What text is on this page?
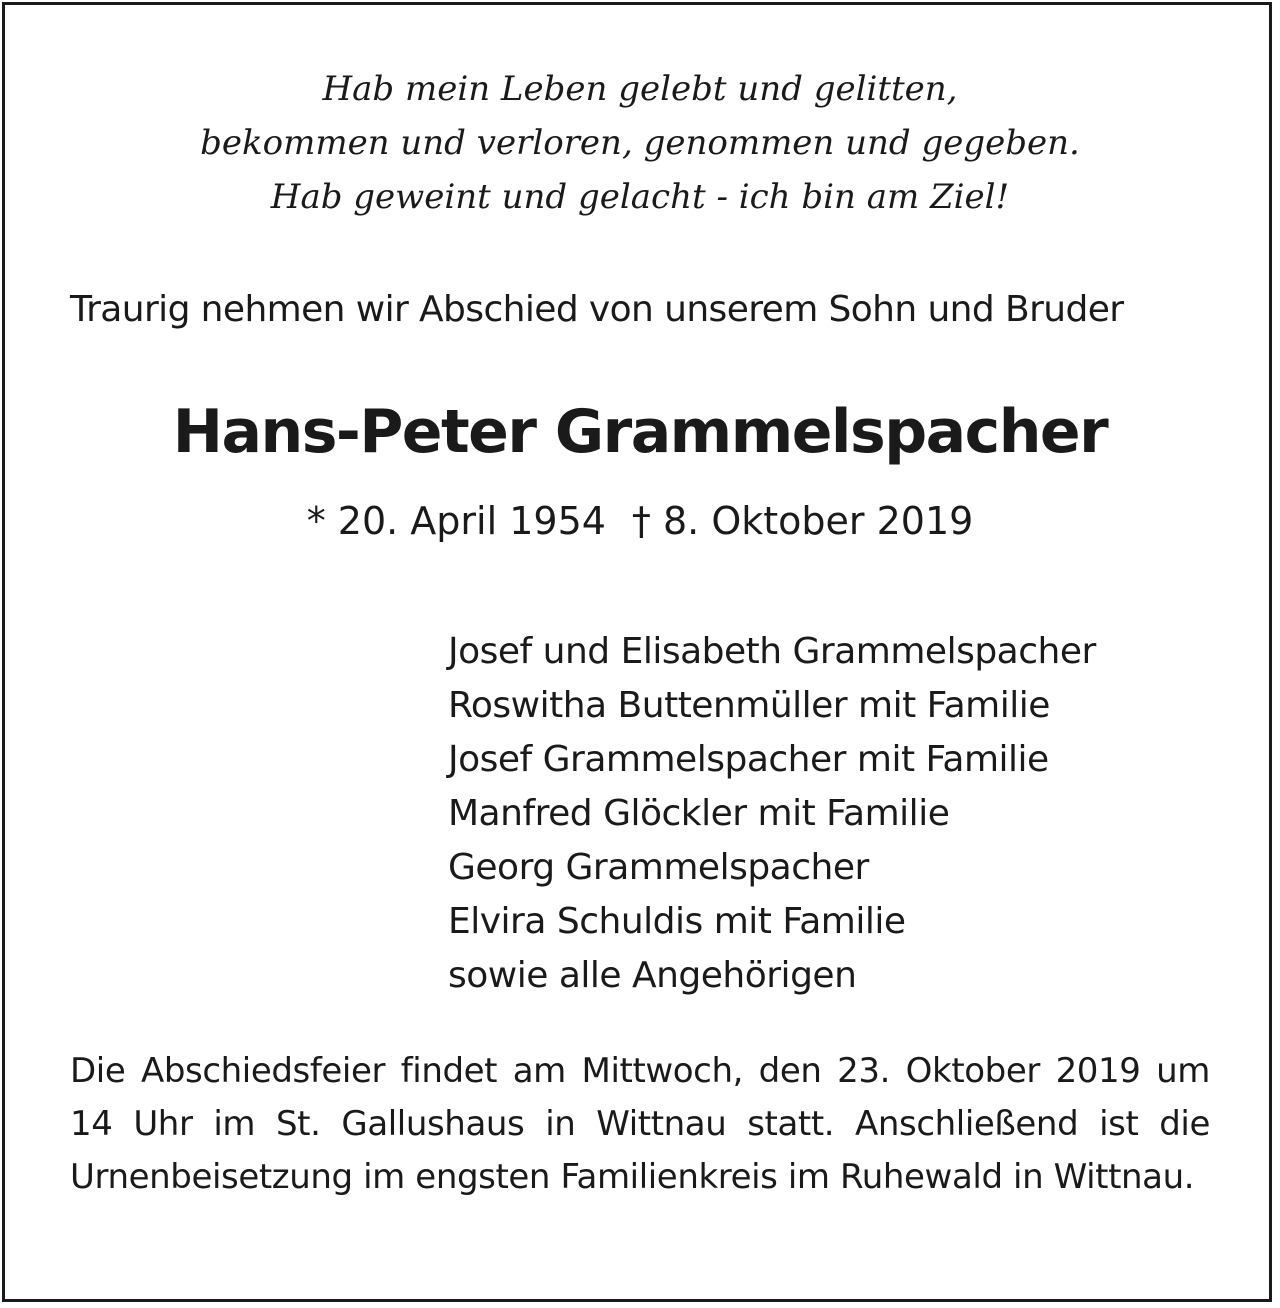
Hab mein Leben gelebt und gelitten,
bekommen und verloren, genommen und gegeben.
Hab geweint und gelacht - ich bin am Ziel!
Traurig nehmen wir Abschied von unserem Sohn und Bruder
Hans-Peter Grammelspacher
* 20. April 1954 † 8. Oktober 2019
Josef und Elisabeth Grammelspacher
Roswitha Buttenmüller mit Familie
Josef Grammelspacher mit Familie
Manfred Glöckler mit Familie
Georg Grammelspacher
Elvira Schuldis mit Familie
sowie alle Angehörigen
Die Abschiedsfeier findet am Mittwoch, den 23. Oktober 2019 um 14 Uhr im St. Gallushaus in Wittnau statt. Anschließend ist die Urnenbeisetzung im engsten Familienkreis im Ruhewald in Wittnau.
